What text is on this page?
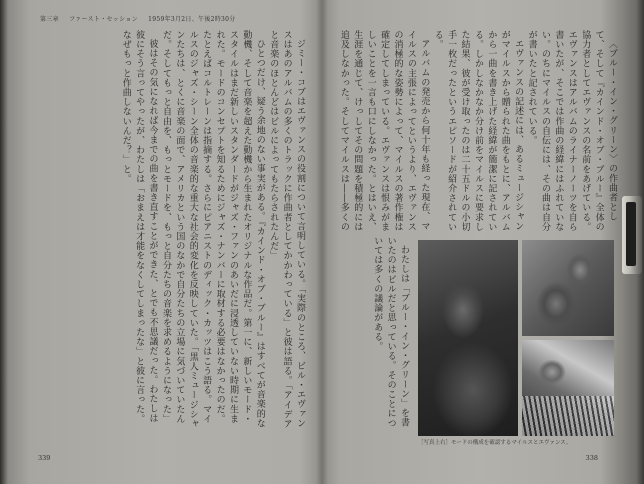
第三章 ファースト・セッション 1959年3月2日、午後2時30分

ジミー・コブはエヴァンスの役割について言明している。「実際のところ、ビル・エヴァンスはあのアルバムの多くのトラックに作曲者としてかかわっている」と彼は語る。「アイデアと音楽のほとんどはビルによってもたらされたんだ」

ひとつだけ、疑う余地のない事実がある。『カインド・オブ・ブルー』はすべてが音楽的な動機、そして音楽を超えた動機から生まれたオリジナルな作品だ。第一に、新しいモード・スタイルはまだ新しいスタンダードがジャズ・ファンのあいだに浸透していない時期に生まれた。モードのコンセプトを知るためにジャズ・ナンバーに取材する必要はなかったのだ。たとえばコルトレーンは指摘する。さらにピアニストのディック・カッツはこう語る。マイルスのジャズ・シーン全体の音楽的な重大な社会的変化を反映していた。「黒人ミュージシャンたちは、とくに音楽の面で、アメリカという国のなかで自分たちの立場に気づいていたんだ。そしてもっと自由を、もっとモードを、もっと自分たちの音楽を求めるようになった」

彼はその気になれば今までの曲を書き直すことができた、とでも不思議だった。わたしは彼にそう言ってやったが、わたしは「おまえは才能をなくしてしまったな」と彼に言った。なぜもっと作曲しないんだ？」と。

339

〈ブルー・イン・グリーン〉の作曲者として、そして『カインド・オブ・ブルー』全体の協力者としてエヴァンスの名前をあげている。エヴァンスはアルバムのライナーノーツを自ら書いたが、そこでは作曲の経緯にはふれていない。のちにマイルスの自伝には、その曲は自分が書いたと記されている。

エヴァンスの記述には、あるミュージシャンがマイルスから贈られた曲をもとに、アルバムから一曲を書き上げた経緯が簡潔に記されている。しかしなかなか分け前をマイルスに要求した結果、彼が受け取ったのは二十五ドルの小切手一枚だったというエピソードが紹介されている。

アルバムの発売から何十年も経った現在、マイルスの主張によってというより、エヴァンスの消極的な姿勢によって、マイルスの著作権は確定してしまっている。エヴァンスは恨みがましいことを一言も口にしなかった。とはいえ、生涯を通じて、けっしてその問題を積極的には追及しなかった。そしてマイルスは――多くの

わたしは「ブルー・イン・グリーン」を書いたのはビルだと思っている。そのことについては多くの議論がある。

［写真上右］モードの構成を確認するマイルスとエヴァンス。
338
